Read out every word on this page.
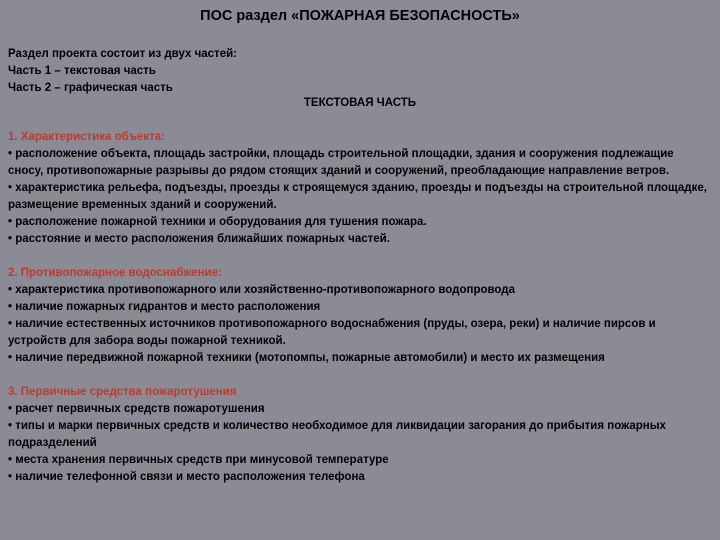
ПОС раздел «ПОЖАРНАЯ БЕЗОПАСНОСТЬ»
Раздел проекта состоит из двух частей:
Часть 1 – текстовая часть
Часть 2 – графическая часть
ТЕКСТОВАЯ ЧАСТЬ
1. Характеристика объекта:
• расположение объекта, площадь застройки, площадь строительной площадки, здания и сооружения подлежащие сносу, противопожарные разрывы до рядом стоящих зданий и сооружений, преобладающие направление ветров.
• характеристика рельефа, подъезды, проезды к строящемуся зданию, проезды и подъезды на строительной площадке, размещение временных зданий и сооружений.
• расположение пожарной техники и оборудования для тушения пожара.
• расстояние и место расположения ближайших пожарных частей.
2. Противопожарное водоснабжение:
• характеристика противопожарного или хозяйственно-противопожарного водопровода
• наличие пожарных гидрантов и место расположения
• наличие естественных источников противопожарного водоснабжения (пруды, озера, реки) и наличие пирсов и устройств для забора воды пожарной техникой.
• наличие передвижной пожарной техники (мотопомпы, пожарные автомобили) и место их размещения
3. Первичные средства пожаротушения
• расчет первичных средств пожаротушения
• типы и марки первичных средств и количество необходимое для ликвидации загорания до прибытия пожарных подразделений
• места хранения первичных средств при минусовой температуре
• наличие телефонной связи и место расположения телефона
